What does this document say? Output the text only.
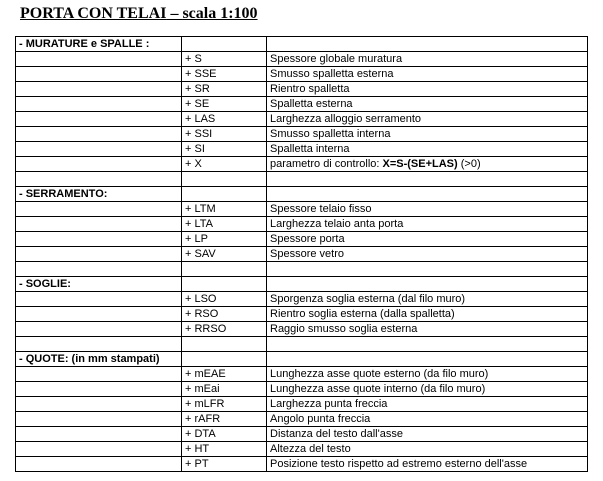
PORTA CON TELAI – scala 1:100
- MURATURE e SPALLE :		
	+ S	Spessore globale muratura
	+ SSE	Smusso spalletta esterna
	+ SR	Rientro spalletta
	+ SE	Spalletta esterna
	+ LAS	Larghezza alloggio serramento
	+ SSI	Smusso spalletta interna
	+ SI	Spalletta interna
	+ X	parametro di controllo: X=S-(SE+LAS) (>0)

- SERRAMENTO:		
	+ LTM	Spessore telaio fisso
	+ LTA	Larghezza telaio anta porta
	+ LP	Spessore porta
	+ SAV	Spessore vetro

- SOGLIE:		
	+ LSO	Sporgenza soglia esterna (dal filo muro)
	+ RSO	Rientro soglia esterna (dalla spalletta)
	+ RRSO	Raggio smusso soglia esterna

- QUOTE: (in mm stampati)		
	+ mEAE	Lunghezza asse quote esterno (da filo muro)
	+ mEai	Lunghezza asse quote interno (da filo muro)
	+ mLFR	Larghezza punta freccia
	+ rAFR	Angolo punta freccia
	+ DTA	Distanza del testo dall'asse
	+ HT	Altezza del testo
	+ PT	Posizione testo rispetto ad estremo esterno dell'asse
